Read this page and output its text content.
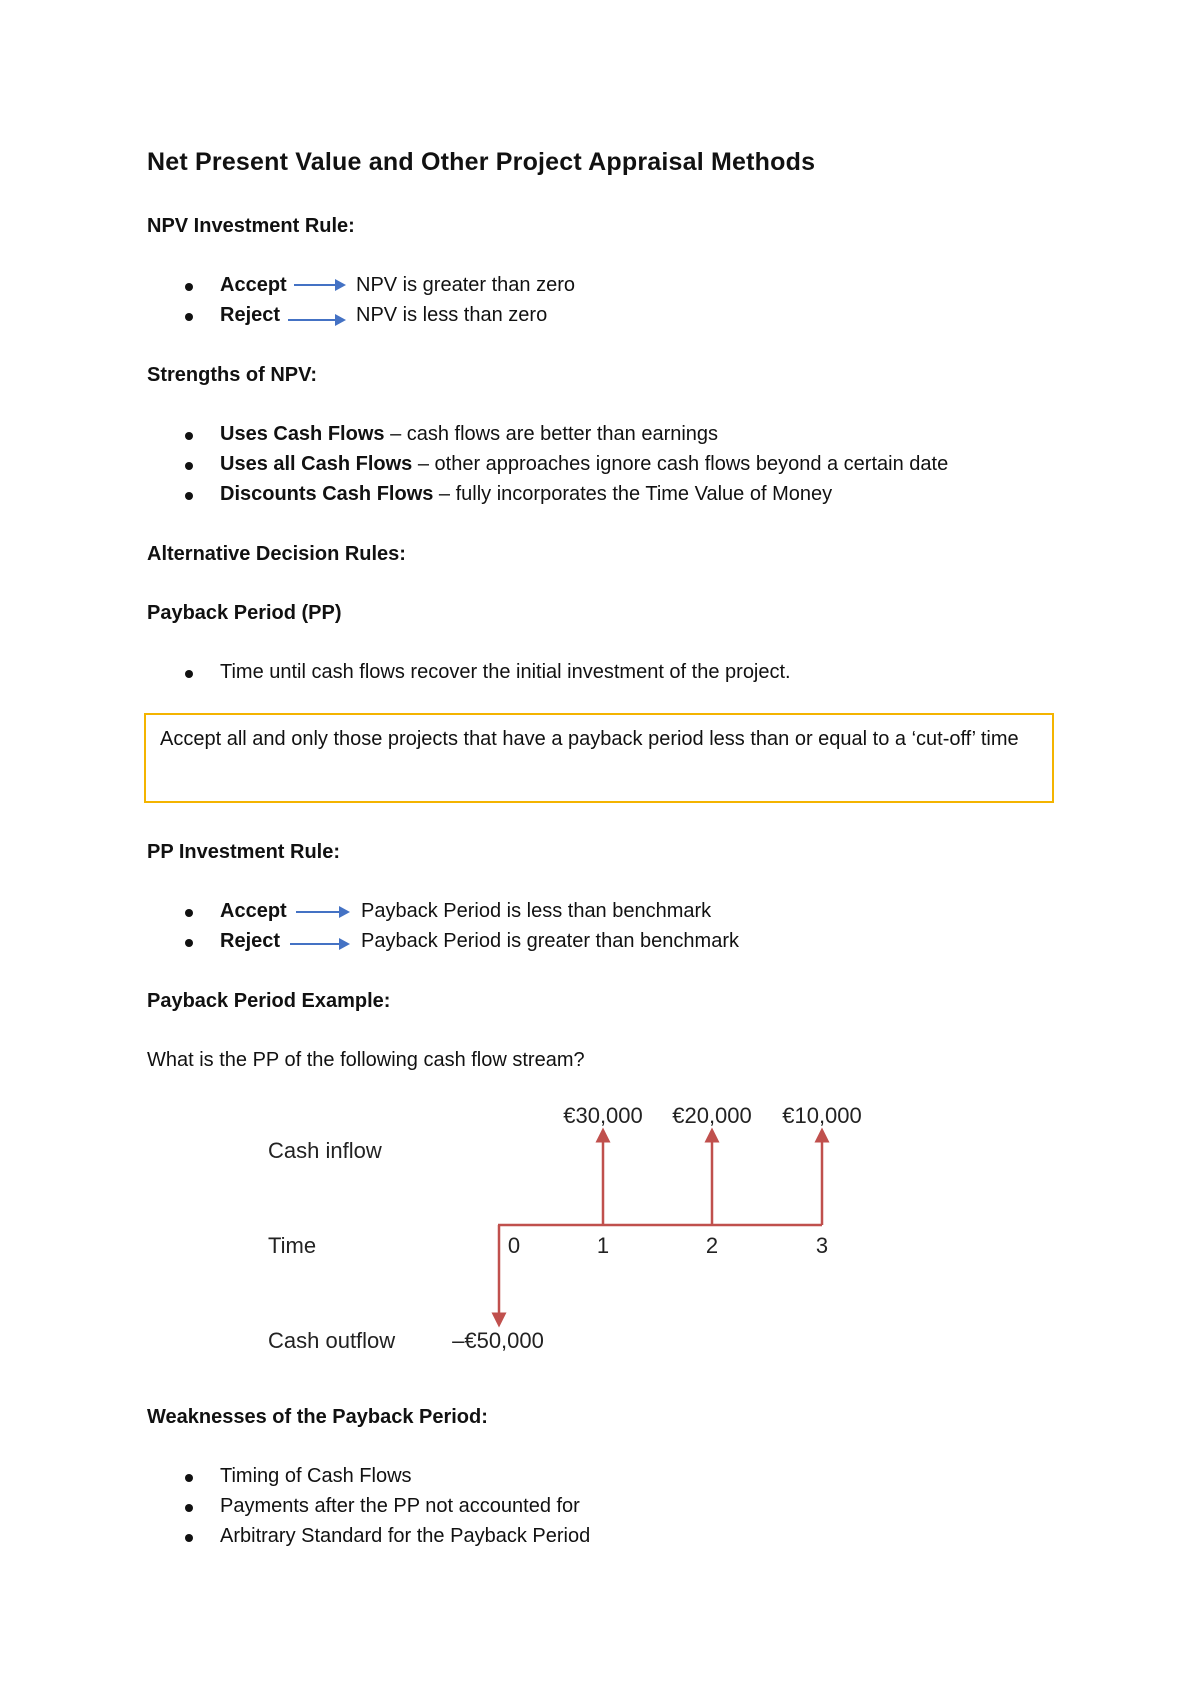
Net Present Value and Other Project Appraisal Methods
NPV Investment Rule:
Accept	NPV is greater than zero
Reject	NPV is less than zero
Strengths of NPV:
Uses Cash Flows – cash flows are better than earnings
Uses all Cash Flows – other approaches ignore cash flows beyond a certain date
Discounts Cash Flows – fully incorporates the Time Value of Money
Alternative Decision Rules:
Payback Period (PP)
Time until cash flows recover the initial investment of the project.
Accept all and only those projects that have a payback period less than or equal to a ‘cut-off’ time
PP Investment Rule:
Accept	Payback Period is less than benchmark
Reject	Payback Period is greater than benchmark
Payback Period Example:
What is the PP of the following cash flow stream?
Cash inflow
Time
Cash outflow
0	1	2	3
€30,000 €20,000 €10,000
–€50,000
Weaknesses of the Payback Period:
Timing of Cash Flows
Payments after the PP not accounted for
Arbitrary Standard for the Payback Period
